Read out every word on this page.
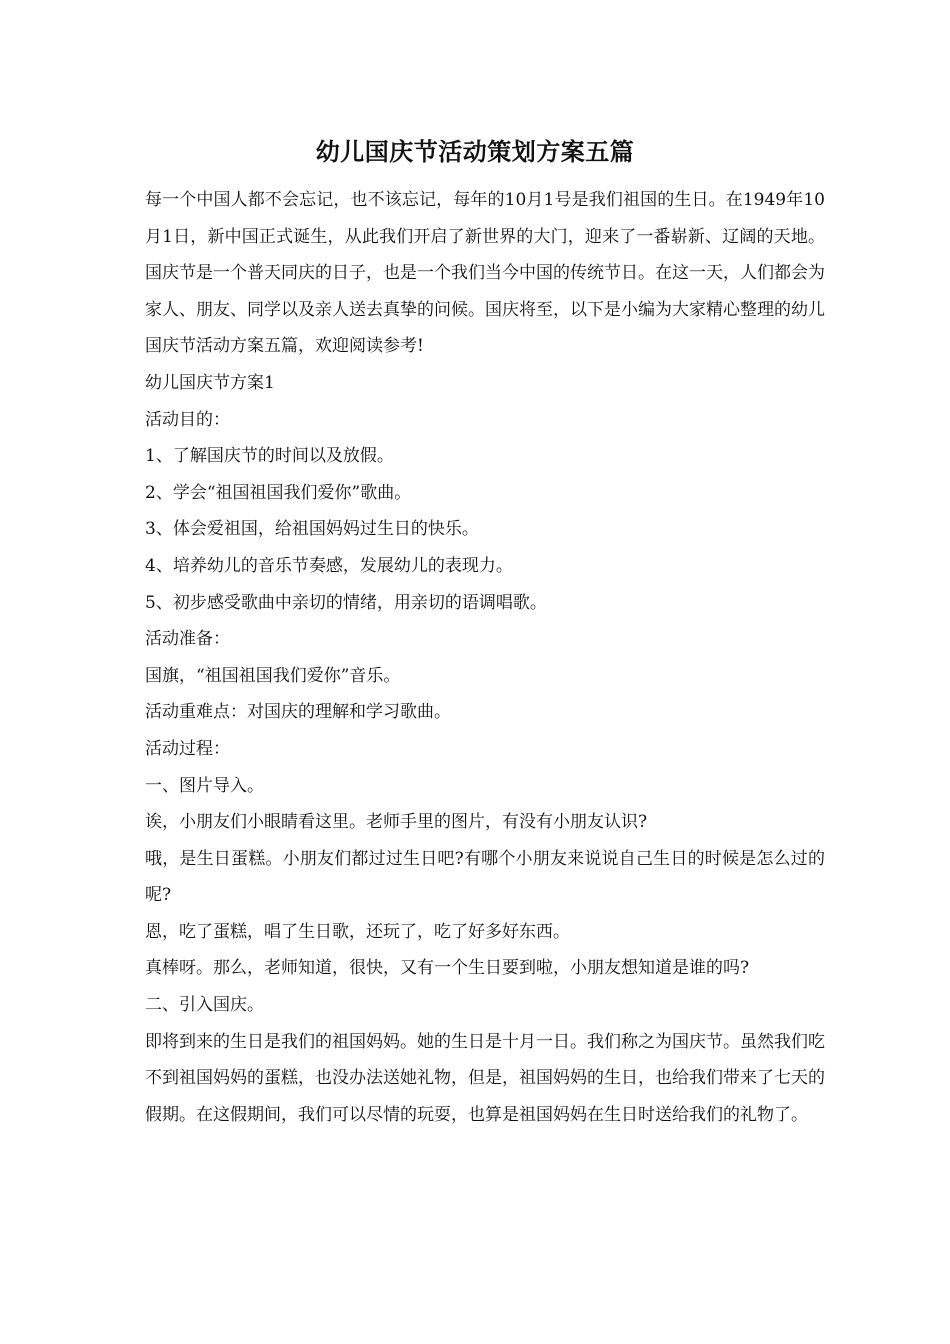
幼儿国庆节活动策划方案五篇

每一个中国人都不会忘记，也不该忘记，每年的10月1号是我们祖国的生日。在1949年10月1日，新中国正式诞生，从此我们开启了新世界的大门，迎来了一番崭新、辽阔的天地。国庆节是一个普天同庆的日子，也是一个我们当今中国的传统节日。在这一天，人们都会为家人、朋友、同学以及亲人送去真挚的问候。国庆将至，以下是小编为大家精心整理的幼儿国庆节活动方案五篇，欢迎阅读参考!

幼儿国庆节方案1

活动目的：

1、了解国庆节的时间以及放假。

2、学会“祖国祖国我们爱你”歌曲。

3、体会爱祖国，给祖国妈妈过生日的快乐。

4、培养幼儿的音乐节奏感，发展幼儿的表现力。

5、初步感受歌曲中亲切的情绪，用亲切的语调唱歌。

活动准备：

国旗，“祖国祖国我们爱你”音乐。

活动重难点：对国庆的理解和学习歌曲。

活动过程：

一、图片导入。

诶，小朋友们小眼睛看这里。老师手里的图片，有没有小朋友认识?

哦，是生日蛋糕。小朋友们都过过生日吧?有哪个小朋友来说说自己生日的时候是怎么过的呢?

恩，吃了蛋糕，唱了生日歌，还玩了，吃了好多好东西。

真棒呀。那么，老师知道，很快，又有一个生日要到啦，小朋友想知道是谁的吗?

二、引入国庆。

即将到来的生日是我们的祖国妈妈。她的生日是十月一日。我们称之为国庆节。虽然我们吃不到祖国妈妈的蛋糕，也没办法送她礼物，但是，祖国妈妈的生日，也给我们带来了七天的假期。在这假期间，我们可以尽情的玩耍，也算是祖国妈妈在生日时送给我们的礼物了。
